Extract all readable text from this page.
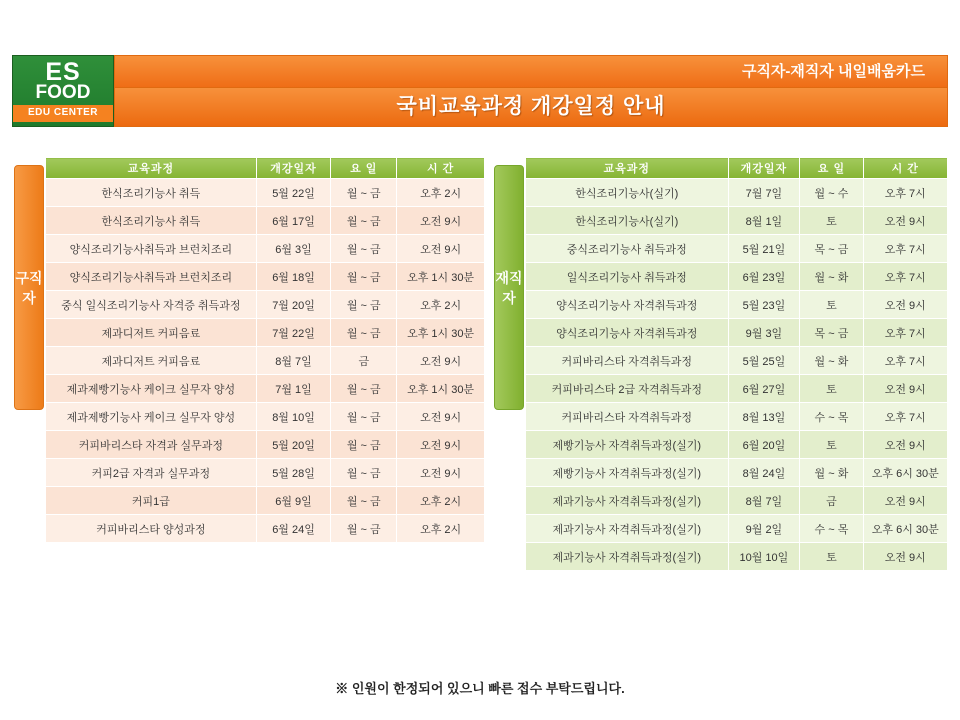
ES
FOOD
EDU CENTER
구직자-재직자 내일배움카드
국비교육과정 개강일정 안내
구직자
재직자
교육과정	개강일자	요 일	시 간
한식조리기능사 취득	5월 22일	월 ~ 금	오후 2시
한식조리기능사 취득	6월 17일	월 ~ 금	오전 9시
양식조리기능사취득과 브런치조리	6월 3일	월 ~ 금	오전 9시
양식조리기능사취득과 브런치조리	6월 18일	월 ~ 금	오후 1시 30분
중식 일식조리기능사 자격증 취득과정	7월 20일	월 ~ 금	오후 2시
제과디저트 커피음료	7월 22일	월 ~ 금	오후 1시 30분
제과디저트 커피음료	8월 7일	금	오전 9시
제과제빵기능사 케이크 실무자 양성	7월 1일	월 ~ 금	오후 1시 30분
제과제빵기능사 케이크 실무자 양성	8월 10일	월 ~ 금	오전 9시
커피바리스타 자격과 실무과정	5월 20일	월 ~ 금	오전 9시
커피2급 자격과 실무과정	5월 28일	월 ~ 금	오전 9시
커피1급	6월 9일	월 ~ 금	오후 2시
커피바리스타 양성과정	6월 24일	월 ~ 금	오후 2시
교육과정	개강일자	요 일	시 간
한식조리기능사(실기)	7월 7일	월 ~ 수	오후 7시
한식조리기능사(실기)	8월 1일	토	오전 9시
중식조리기능사 취득과정	5월 21일	목 ~ 금	오후 7시
일식조리기능사 취득과정	6월 23일	월 ~ 화	오후 7시
양식조리기능사 자격취득과정	5월 23일	토	오전 9시
양식조리기능사 자격취득과정	9월 3일	목 ~ 금	오후 7시
커피바리스타 자격취득과정	5월 25일	월 ~ 화	오후 7시
커피바리스타 2급 자격취득과정	6월 27일	토	오전 9시
커피바리스타 자격취득과정	8월 13일	수 ~ 목	오후 7시
제빵기능사 자격취득과정(실기)	6월 20일	토	오전 9시
제빵기능사 자격취득과정(실기)	8월 24일	월 ~ 화	오후 6시 30분
제과기능사 자격취득과정(실기)	8월 7일	금	오전 9시
제과기능사 자격취득과정(실기)	9월 2일	수 ~ 목	오후 6시 30분
제과기능사 자격취득과정(실기)	10월 10일	토	오전 9시
※ 인원이 한정되어 있으니 빠른 접수 부탁드립니다.
